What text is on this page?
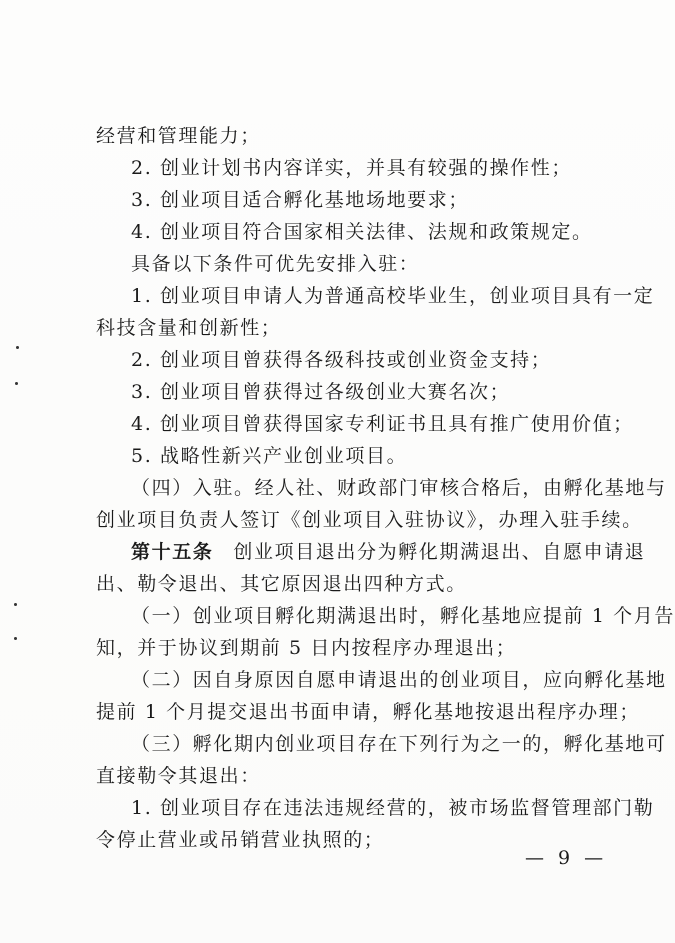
经营和管理能力；
2. 创业计划书内容详实，并具有较强的操作性；
3. 创业项目适合孵化基地场地要求；
4. 创业项目符合国家相关法律、法规和政策规定。
具备以下条件可优先安排入驻：
1. 创业项目申请人为普通高校毕业生，创业项目具有一定
科技含量和创新性；
2. 创业项目曾获得各级科技或创业资金支持；
3. 创业项目曾获得过各级创业大赛名次；
4. 创业项目曾获得国家专利证书且具有推广使用价值；
5. 战略性新兴产业创业项目。
（四）入驻。经人社、财政部门审核合格后，由孵化基地与
创业项目负责人签订《创业项目入驻协议》，办理入驻手续。
第十五条 创业项目退出分为孵化期满退出、自愿申请退
出、勒令退出、其它原因退出四种方式。
（一）创业项目孵化期满退出时，孵化基地应提前 1 个月告
知，并于协议到期前 5 日内按程序办理退出；
（二）因自身原因自愿申请退出的创业项目，应向孵化基地
提前 1 个月提交退出书面申请，孵化基地按退出程序办理；
（三）孵化期内创业项目存在下列行为之一的，孵化基地可
直接勒令其退出：
1. 创业项目存在违法违规经营的，被市场监督管理部门勒
令停止营业或吊销营业执照的；
— 9 —
